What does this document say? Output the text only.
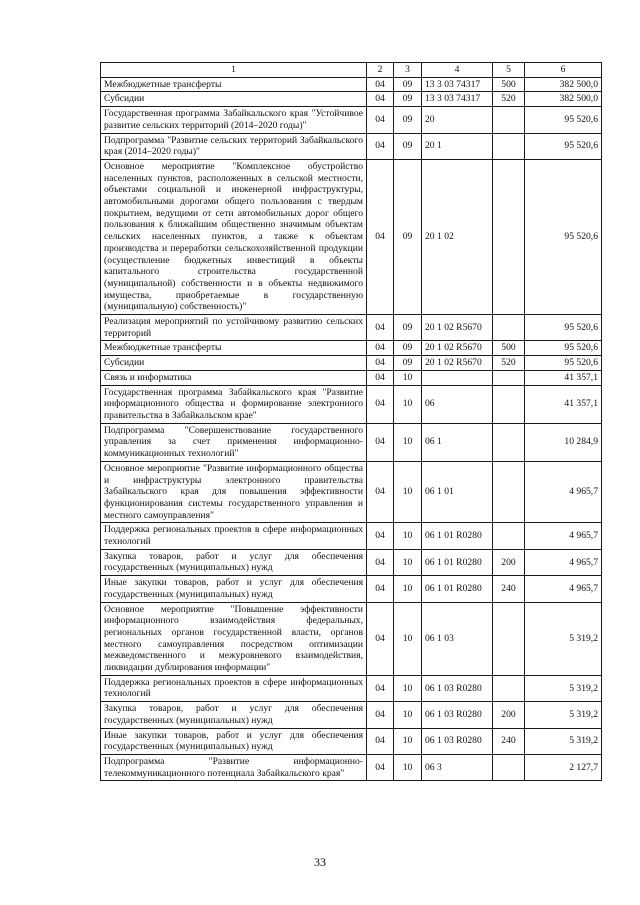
1	2	3	4	5	6
Межбюджетные трансферты	04	09	13 3 03 74317	500	382 500,0
Субсидии	04	09	13 3 03 74317	520	382 500,0
Государственная программа Забайкальского края "Устойчивое развитие сельских территорий (2014–2020 годы)"	04	09	20		95 520,6
Подпрограмма "Развитие сельских территорий Забайкальского края (2014–2020 годы)"	04	09	20 1		95 520,6
Основное мероприятие "Комплексное обустройство населенных пунктов, расположенных в сельской местности, объектами социальной и инженерной инфраструктуры, автомобильными дорогами общего пользования с твердым покрытием, ведущими от сети автомобильных дорог общего пользования к ближайшим общественно значимым объектам сельских населенных пунктов, а также к объектам производства и переработки сельскохозяйственной продукции (осуществление бюджетных инвестиций в объекты капитального строительства государственной (муниципальной) собственности и в объекты недвижимого имущества, приобретаемые в государственную (муниципальную) собственность)"	04	09	20 1 02		95 520,6
Реализация мероприятий по устойчивому развитию сельских территорий	04	09	20 1 02 R5670		95 520,6
Межбюджетные трансферты	04	09	20 1 02 R5670	500	95 520,6
Субсидии	04	09	20 1 02 R5670	520	95 520,6
Связь и информатика	04	10			41 357,1
Государственная программа Забайкальского края "Развитие информационного общества и формирование электронного правительства в Забайкальском крае"	04	10	06		41 357,1
Подпрограмма "Совершенствование государственного управления за счет применения информационно-коммуникационных технологий"	04	10	06 1		10 284,9
Основное мероприятие "Развитие информационного общества и инфраструктуры электронного правительства Забайкальского края для повышения эффективности функционирования системы государственного управления и местного самоуправления"	04	10	06 1 01		4 965,7
Поддержка региональных проектов в сфере информационных технологий	04	10	06 1 01 R0280		4 965,7
Закупка товаров, работ и услуг для обеспечения государственных (муниципальных) нужд	04	10	06 1 01 R0280	200	4 965,7
Иные закупки товаров, работ и услуг для обеспечения государственных (муниципальных) нужд	04	10	06 1 01 R0280	240	4 965,7
Основное мероприятие "Повышение эффективности информационного взаимодействия федеральных, региональных органов государственной власти, органов местного самоуправления посредством оптимизации межведомственного и межуровневого взаимодействия, ликвидации дублирования информации"	04	10	06 1 03		5 319,2
Поддержка региональных проектов в сфере информационных технологий	04	10	06 1 03 R0280		5 319,2
Закупка товаров, работ и услуг для обеспечения государственных (муниципальных) нужд	04	10	06 1 03 R0280	200	5 319,2
Иные закупки товаров, работ и услуг для обеспечения государственных (муниципальных) нужд	04	10	06 1 03 R0280	240	5 319,2
Подпрограмма "Развитие информационно-телекоммуникационного потенциала Забайкальского края"	04	10	06 3		2 127,7
33
